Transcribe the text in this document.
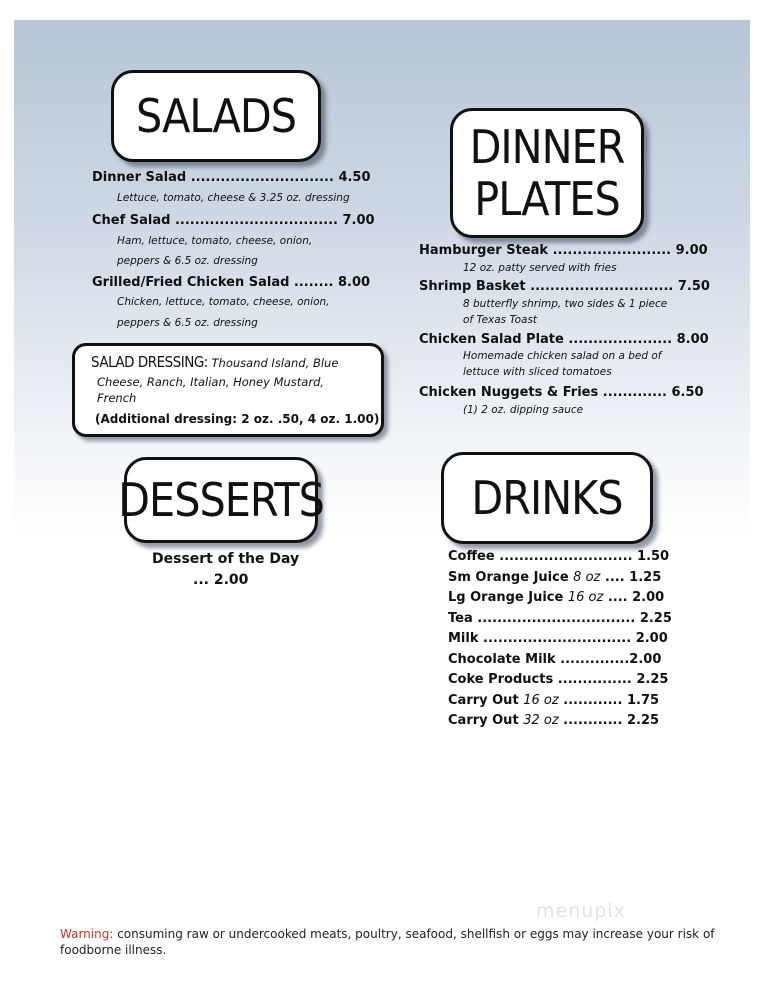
SALADS
Dinner Salad ............................. 4.50
Lettuce, tomato, cheese & 3.25 oz. dressing
Chef Salad ................................. 7.00
Ham, lettuce, tomato, cheese, onion,
peppers & 6.5 oz. dressing
Grilled/Fried Chicken Salad ........ 8.00
Chicken, lettuce, tomato, cheese, onion,
peppers & 6.5 oz. dressing
SALAD DRESSING: Thousand Island, Blue
Cheese, Ranch, Italian, Honey Mustard,
French
(Additional dressing: 2 oz. .50, 4 oz. 1.00)
DINNER
PLATES
Hamburger Steak ........................ 9.00
12 oz. patty served with fries
Shrimp Basket ............................. 7.50
8 butterfly shrimp, two sides & 1 piece
of Texas Toast
Chicken Salad Plate ..................... 8.00
Homemade chicken salad on a bed of
lettuce with sliced tomatoes
Chicken Nuggets & Fries ............. 6.50
(1) 2 oz. dipping sauce
DESSERTS
Dessert of the Day
... 2.00
DRINKS
Coffee ........................... 1.50
Sm Orange Juice 8 oz .... 1.25
Lg Orange Juice 16 oz .... 2.00
Tea ................................ 2.25
Milk .............................. 2.00
Chocolate Milk ..............2.00
Coke Products ............... 2.25
Carry Out 16 oz ............ 1.75
Carry Out 32 oz ............ 2.25
menupix
Warning: consuming raw or undercooked meats, poultry, seafood, shellfish or eggs may increase your risk of foodborne illness.
